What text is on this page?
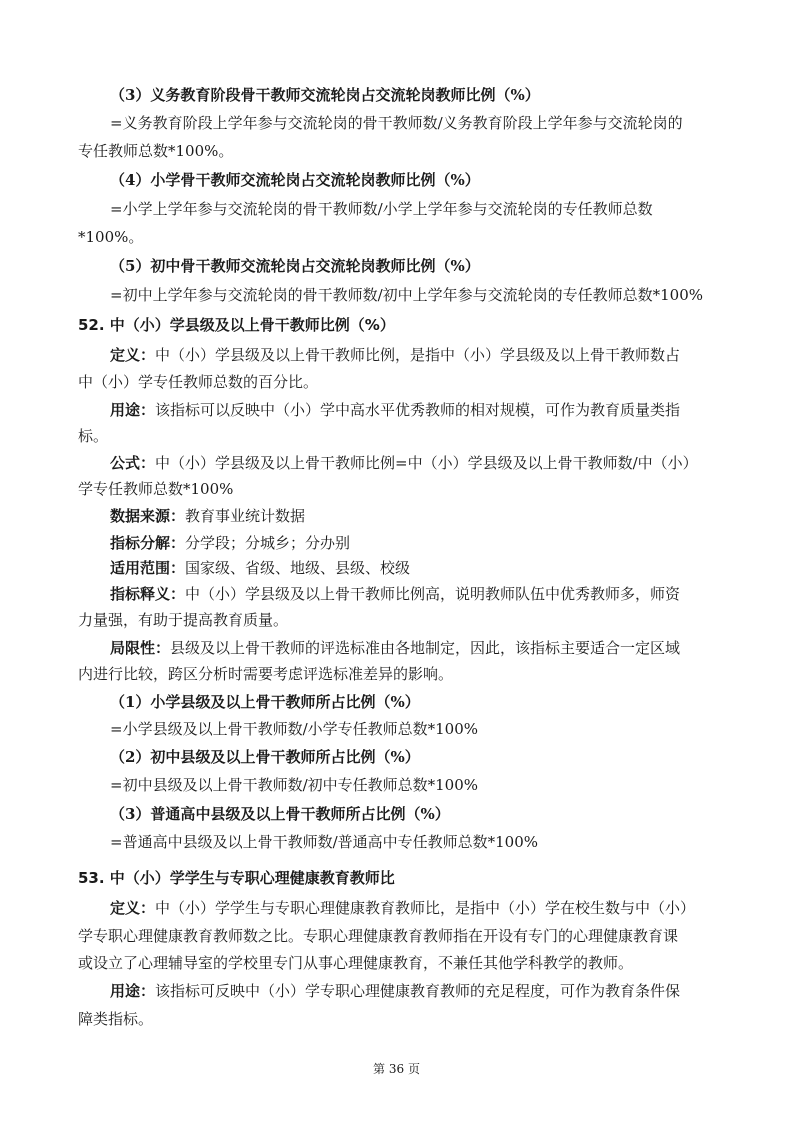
（3）义务教育阶段骨干教师交流轮岗占交流轮岗教师比例（%）
=义务教育阶段上学年参与交流轮岗的骨干教师数/义务教育阶段上学年参与交流轮岗的
专任教师总数*100%。
（4）小学骨干教师交流轮岗占交流轮岗教师比例（%）
=小学上学年参与交流轮岗的骨干教师数/小学上学年参与交流轮岗的专任教师总数
*100%。
（5）初中骨干教师交流轮岗占交流轮岗教师比例（%）
=初中上学年参与交流轮岗的骨干教师数/初中上学年参与交流轮岗的专任教师总数*100%
52. 中（小）学县级及以上骨干教师比例（%）
定义：中（小）学县级及以上骨干教师比例，是指中（小）学县级及以上骨干教师数占
中（小）学专任教师总数的百分比。
用途：该指标可以反映中（小）学中高水平优秀教师的相对规模，可作为教育质量类指
标。
公式：中（小）学县级及以上骨干教师比例=中（小）学县级及以上骨干教师数/中（小）
学专任教师总数*100%
数据来源：教育事业统计数据
指标分解：分学段；分城乡；分办别
适用范围：国家级、省级、地级、县级、校级
指标释义：中（小）学县级及以上骨干教师比例高，说明教师队伍中优秀教师多，师资
力量强，有助于提高教育质量。
局限性：县级及以上骨干教师的评选标准由各地制定，因此，该指标主要适合一定区域
内进行比较，跨区分析时需要考虑评选标准差异的影响。
（1）小学县级及以上骨干教师所占比例（%）
=小学县级及以上骨干教师数/小学专任教师总数*100%
（2）初中县级及以上骨干教师所占比例（%）
=初中县级及以上骨干教师数/初中专任教师总数*100%
（3）普通高中县级及以上骨干教师所占比例（%）
=普通高中县级及以上骨干教师数/普通高中专任教师总数*100%
53. 中（小）学学生与专职心理健康教育教师比
定义：中（小）学学生与专职心理健康教育教师比，是指中（小）学在校生数与中（小）
学专职心理健康教育教师数之比。专职心理健康教育教师指在开设有专门的心理健康教育课
或设立了心理辅导室的学校里专门从事心理健康教育，不兼任其他学科教学的教师。
用途：该指标可反映中（小）学专职心理健康教育教师的充足程度，可作为教育条件保
障类指标。
第 36 页
